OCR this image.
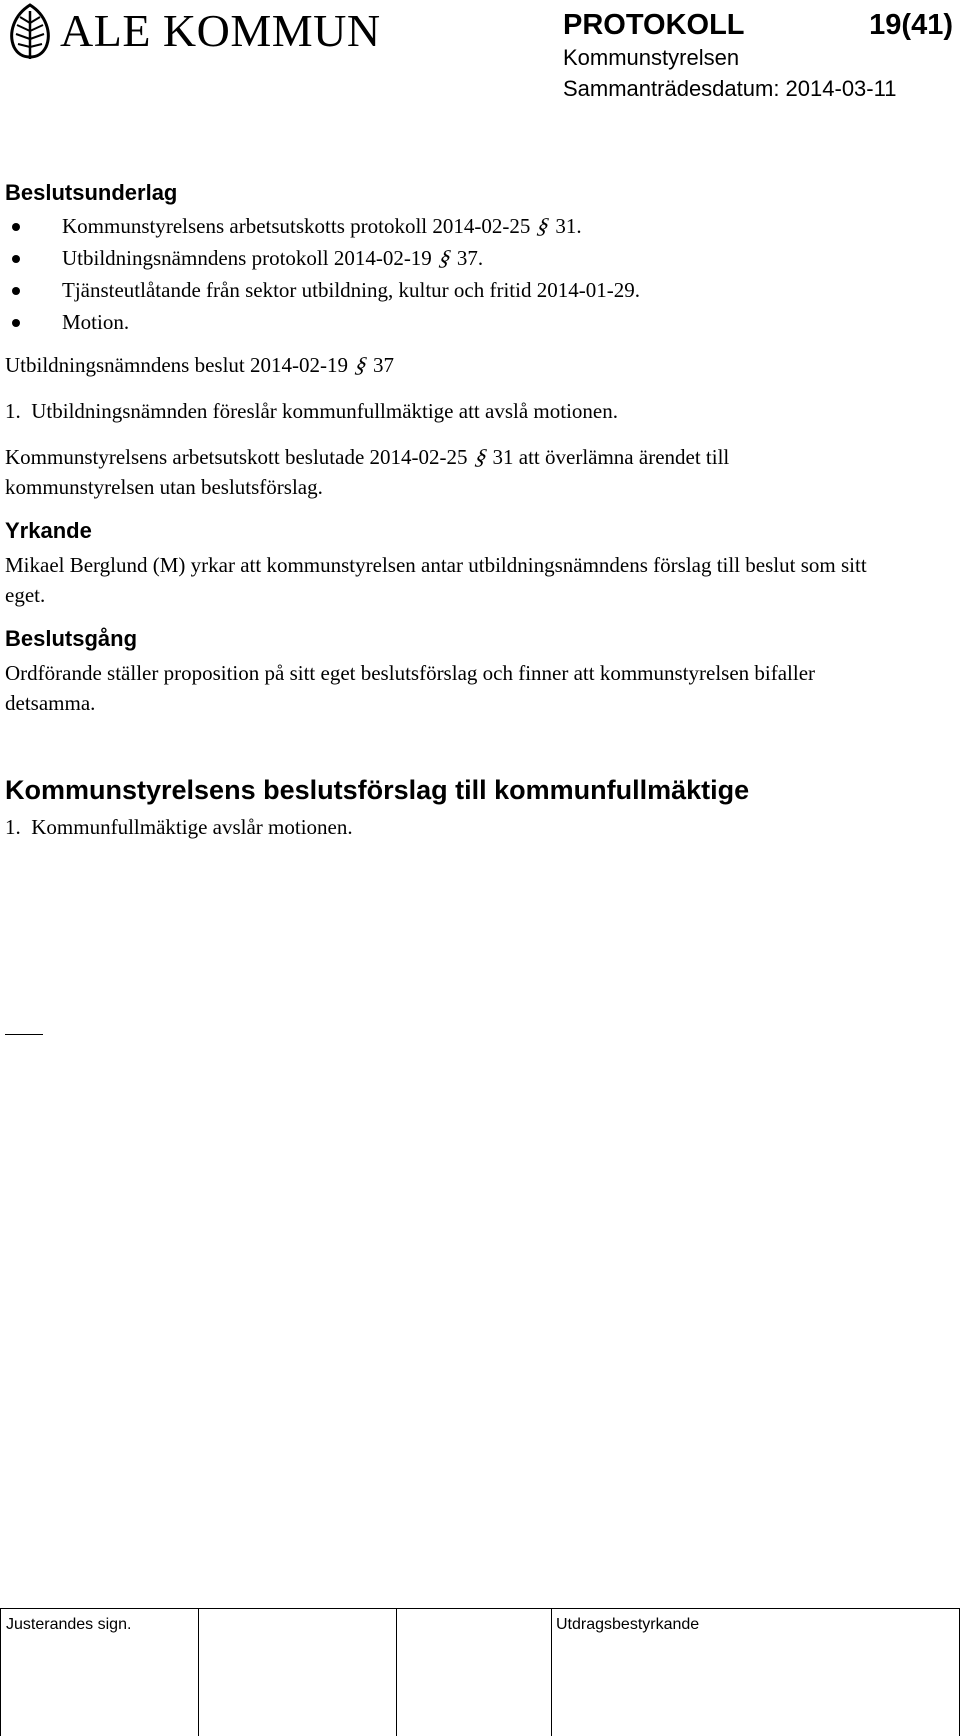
ALE KOMMUN	PROTOKOLL	19(41)
Kommunstyrelsen
Sammanträdesdatum: 2014-03-11

Beslutsunderlag

Kommunstyrelsens arbetsutskotts protokoll 2014-02-25 §31.
Utbildningsnämndens protokoll 2014-02-19 §37.
Tjänsteutlåtande från sektor utbildning, kultur och fritid 2014-01-29.
Motion.

Utbildningsnämndens beslut 2014-02-19 §37

1.  Utbildningsnämnden föreslår kommunfullmäktige att avslå motionen.

Kommunstyrelsens arbetsutskott beslutade 2014-02-25 §31 att överlämna ärendet till
kommunstyrelsen utan beslutsförslag.

Yrkande

Mikael Berglund (M) yrkar att kommunstyrelsen antar utbildningsnämndens förslag till beslut som sitt eget.

Beslutsgång

Ordförande ställer proposition på sitt eget beslutsförslag och finner att kommunstyrelsen bifaller detsamma.

Kommunstyrelsens beslutsförslag till kommunfullmäktige

1.  Kommunfullmäktige avslår motionen.

Justerandes sign.	Utdragsbestyrkande
